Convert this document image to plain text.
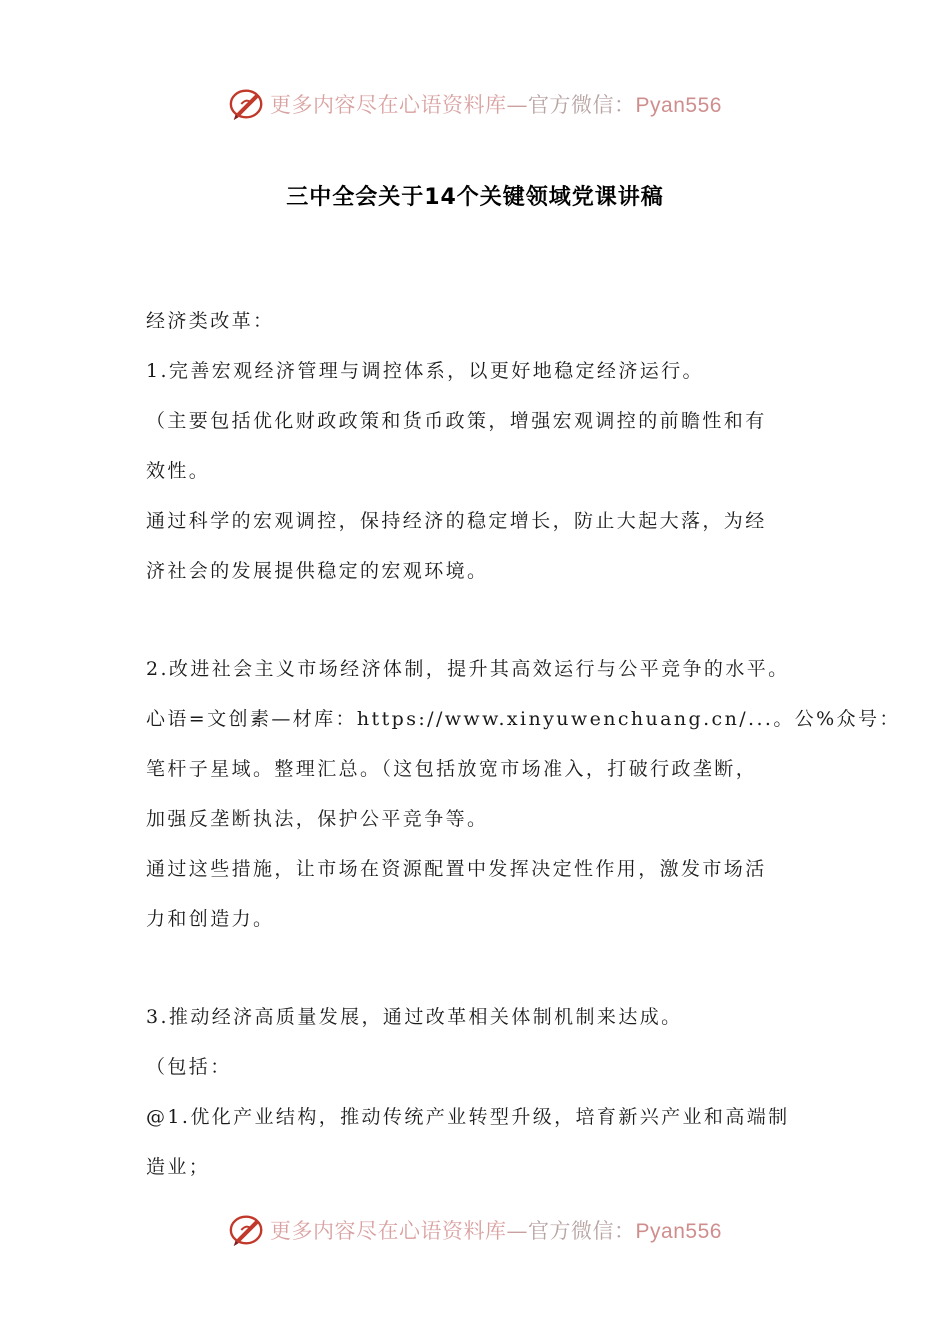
更多内容尽在心语资料库—官方微信：Pyan556
三中全会关于14个关键领域党课讲稿
经济类改革：
1.完善宏观经济管理与调控体系，以更好地稳定经济运行。
（主要包括优化财政政策和货币政策，增强宏观调控的前瞻性和有
效性。
通过科学的宏观调控，保持经济的稳定增长，防止大起大落，为经
济社会的发展提供稳定的宏观环境。
2.改进社会主义市场经济体制，提升其高效运行与公平竞争的水平。
心语=文创素—材库：https://www.xinyuwenchuang.cn/...。公%众号：
笔杆子星域。整理汇总。（这包括放宽市场准入，打破行政垄断，
加强反垄断执法，保护公平竞争等。
通过这些措施，让市场在资源配置中发挥决定性作用，激发市场活
力和创造力。
3.推动经济高质量发展，通过改革相关体制机制来达成。
（包括：
@1.优化产业结构，推动传统产业转型升级，培育新兴产业和高端制
造业；
更多内容尽在心语资料库—官方微信：Pyan556
